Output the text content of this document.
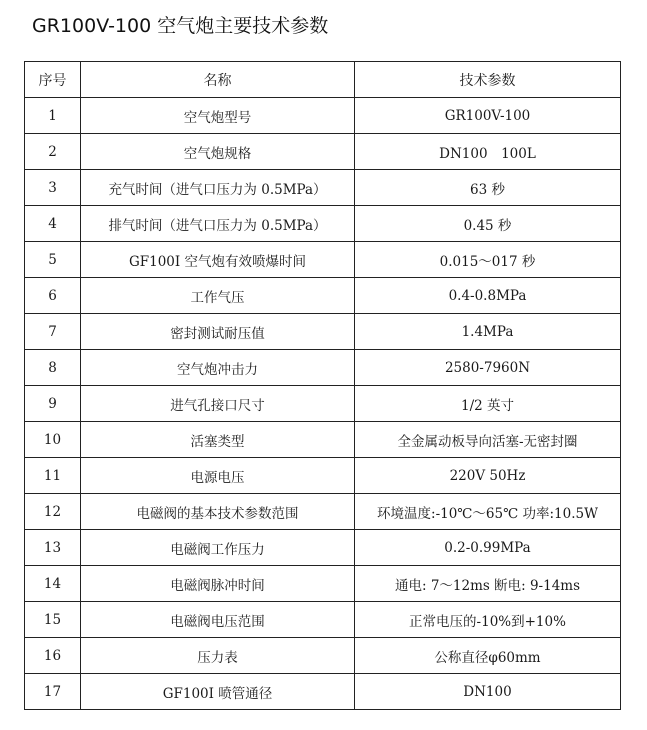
GR100V-100 空气炮主要技术参数
序号	名称	技术参数
1	空气炮型号	GR100V-100
2	空气炮规格	DN100　100L
3	充气时间（进气口压力为 0.5MPa）	63 秒
4	排气时间（进气口压力为 0.5MPa）	0.45 秒
5	GF100I 空气炮有效喷爆时间	0.015～017 秒
6	工作气压	0.4-0.8MPa
7	密封测试耐压值	1.4MPa
8	空气炮冲击力	2580-7960N
9	进气孔接口尺寸	1/2 英寸
10	活塞类型	全金属动板导向活塞-无密封圈
11	电源电压	220V 50Hz
12	电磁阀的基本技术参数范围	环境温度:-10℃～65℃ 功率:10.5W
13	电磁阀工作压力	0.2-0.99MPa
14	电磁阀脉冲时间	通电: 7～12ms 断电: 9-14ms
15	电磁阀电压范围	正常电压的-10%到+10%
16	压力表	公称直径φ60mm
17	GF100I 喷管通径	DN100
